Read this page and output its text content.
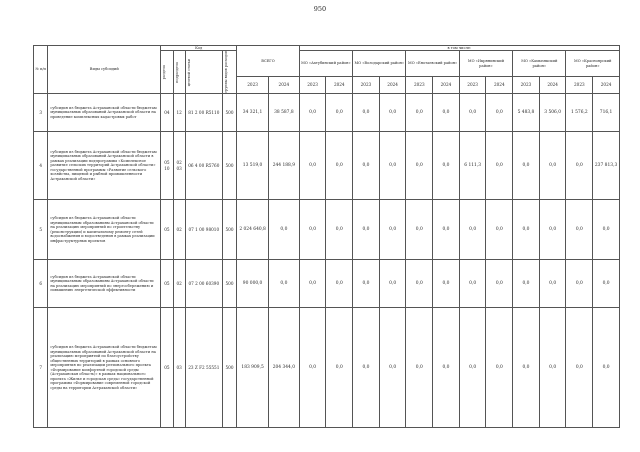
950
№ п/п	Виды субсидий	Код				ВСЕГО		в том числе:											

		раздела	подраздела	целевой статьи	группы видов расходов			МО «Ахтубинский район»		МО «Володарский район»		МО «Енотаевский район»		МО «Икрянинский район»		МО «Камызякский район»		МО «Красноярский район»	
						2023	2024	2023	2024	2023	2024	2023	2024	2023	2024	2023	2024	2023	2024
3	субсидия из бюджета Астраханской области бюджетам муниципальных образований Астраханской области на проведение комплексных кадастровых работ	04	12	81 2 00 R5110	500	34 321,1	38 587,8	0,0	0,0	0,0	0,0	0,0	0,0	0,0	0,0	5 483,8	3 506,0	1 576,2	716,1
4	субсидия из бюджета Астраханской области бюджетам муниципальных образований Астраханской области в рамках реализации подпрограммы «Комплексное развитие сельских территорий Астраханской области» государственной программы «Развитие сельского хозяйства, пищевой и рыбной промышленности Астраханской области»	05 10	02 03	06 4 00 R5760	500	13 519,0	244 188,9	0,0	0,0	0,0	0,0	0,0	0,0	6 111,3	0,0	0,0	0,0	0,0	237 813,3
5	субсидия из бюджета Астраханской области муниципальным образованиям Астраханской области на реализацию мероприятий по строительству (реконструкции) и капитальному ремонту сетей водоснабжения и водоотведения в рамках реализации инфраструктурных проектов	05	02	07 1 00 98010	500	2 024 640,8	0,0	0,0	0,0	0,0	0,0	0,0	0,0	0,0	0,0	0,0	0,0	0,0	0,0
6	субсидия из бюджета Астраханской области муниципальным образованиям Астраханской области на реализацию мероприятий по энергосбережению и повышению энергетической эффективности	05	02	07 2 00 60390	500	90 000,0	0,0	0,0	0,0	0,0	0,0	0,0	0,0	0,0	0,0	0,0	0,0	0,0	0,0
7	субсидия из бюджета Астраханской области бюджетам муниципальных образований Астраханской области на реализацию мероприятий по благоустройству общественных территорий в рамках основного мероприятия по реализации регионального проекта «Формирование комфортной городской среды (Астраханская область)» в рамках национального проекта «Жилье и городская среда» государственной программы «Формирование современной городской среды на территории Астраханской области»	05	03	23 Z F2 55551	500	183 909,5	204 344,0	0,0	0,0	0,0	0,0	0,0	0,0	0,0	0,0	0,0	0,0	0,0	0,0
